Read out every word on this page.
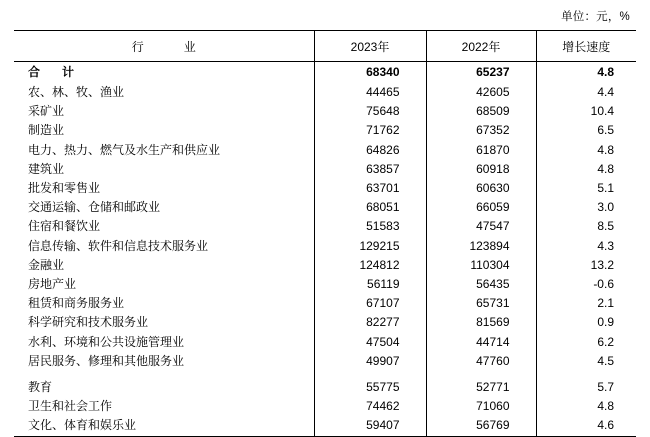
单位：元，%
行　业	2023年	2022年	增长速度
合　计	68340	65237	4.8
农、林、牧、渔业	44465	42605	4.4
采矿业	75648	68509	10.4
制造业	71762	67352	6.5
电力、热力、燃气及水生产和供应业	64826	61870	4.8
建筑业	63857	60918	4.8
批发和零售业	63701	60630	5.1
交通运输、仓储和邮政业	68051	66059	3.0
住宿和餐饮业	51583	47547	8.5
信息传输、软件和信息技术服务业	129215	123894	4.3
金融业	124812	110304	13.2
房地产业	56119	56435	-0.6
租赁和商务服务业	67107	65731	2.1
科学研究和技术服务业	82277	81569	0.9
水利、环境和公共设施管理业	47504	44714	6.2
居民服务、修理和其他服务业	49907	47760	4.5

教育	55775	52771	5.7
卫生和社会工作	74462	71060	4.8
文化、体育和娱乐业	59407	56769	4.6
